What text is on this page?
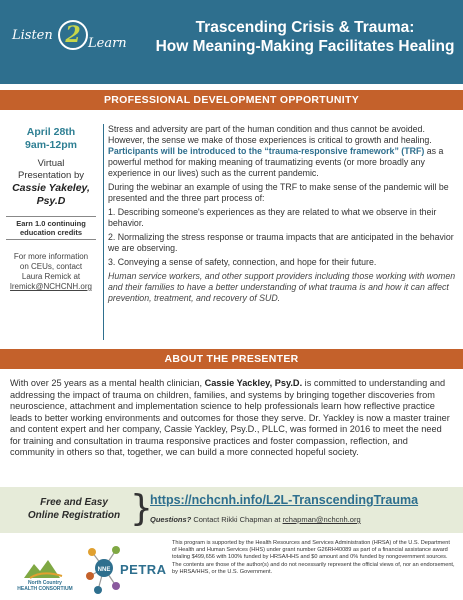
Listen 2 Learn
Trascending Crisis & Trauma:
How Meaning-Making Facilitates Healing
PROFESSIONAL DEVELOPMENT OPPORTUNITY
April 28th
9am-12pm
Virtual
Presentation by
Cassie Yakeley,
Psy.D
Earn 1.0 continuing
education credits
For more information
on CEUs, contact
Laura Remick at
lremick@NCHCNH.org

Stress and adversity are part of the human condition and thus cannot be avoided. However, the sense we make of those experiences is critical to growth and healing. Participants will be introduced to the “trauma-responsive framework” (TRF) as a powerful method for making meaning of traumatizing events (or more broadly any experience in our lives) such as the current pandemic.

During the webinar an example of using the TRF to make sense of the pandemic will be presented and the three part process of:

1. Describing someone's experiences as they are related to what we observe in their behavior.

2. Normalizing the stress response or trauma impacts that are anticipated in the behavior we are observing.

3. Conveying a sense of safety, connection, and hope for their future.

Human service workers, and other support providers including those working with women and their families to have a better understanding of what trauma is and how it can affect prevention, treatment, and recovery of SUD.

ABOUT THE PRESENTER
With over 25 years as a mental health clinician, Cassie Yackley, Psy.D. is committed to understanding and addressing the impact of trauma on children, families, and systems by bringing together discoveries from neuroscience, attachment and implementation science to help professionals learn how reflective practice leads to better working environments and outcomes for those they serve. Dr. Yackley is now a master trainer and content expert and her company, Cassie Yackley, Psy.D., PLLC, was formed in 2016 to meet the need for training and consultation in trauma responsive practices and foster compassion, reflection, and community in others so that, together, we can build a more connected hopeful society.
Free and Easy
Online Registration }
https://nchcnh.info/L2L-TranscendingTrauma
Questions? Contact Rikki Chapman at rchapman@nchcnh.org
North Country
HEALTH CONSORTIUM
NNE PETRA
This program is supported by the Health Resources and Services Administration (HRSA) of the U.S. Department of Health and Human Services (HHS) under grant number G26RH40089 as part of a financial assistance award totaling $499,656 with 100% funded by HRSA/HHS and $0 amount and 0% funded by nongovernment sources. The contents are those of the author(s) and do not necessarily represent the official views of, nor an endorsement, by HRSA/HHS, or the U.S. Government.
